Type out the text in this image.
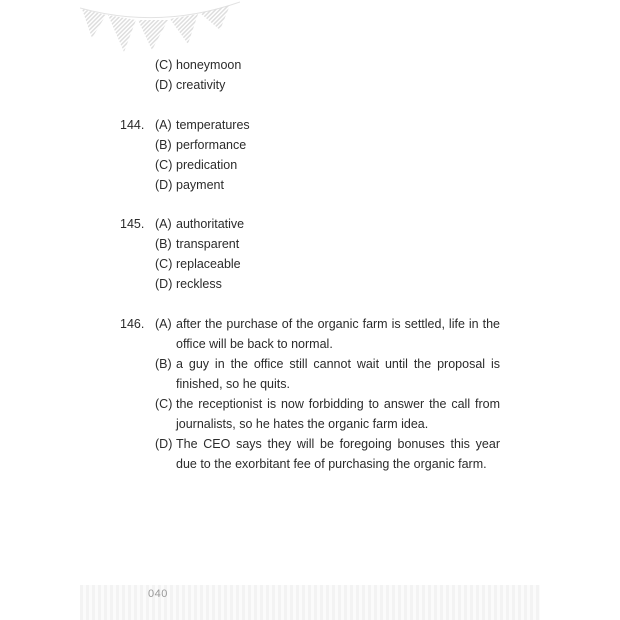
(C) honeymoon
(D) creativity
144. (A) temperatures
(B) performance
(C) predication
(D) payment
145. (A) authoritative
(B) transparent
(C) replaceable
(D) reckless
146. (A) after the purchase of the organic farm is settled, life in the office will be back to normal.
(B) a guy in the office still cannot wait until the proposal is finished, so he quits.
(C) the receptionist is now forbidding to answer the call from journalists, so he hates the organic farm idea.
(D) The CEO says they will be foregoing bonuses this year due to the exorbitant fee of purchasing the organic farm.
040
